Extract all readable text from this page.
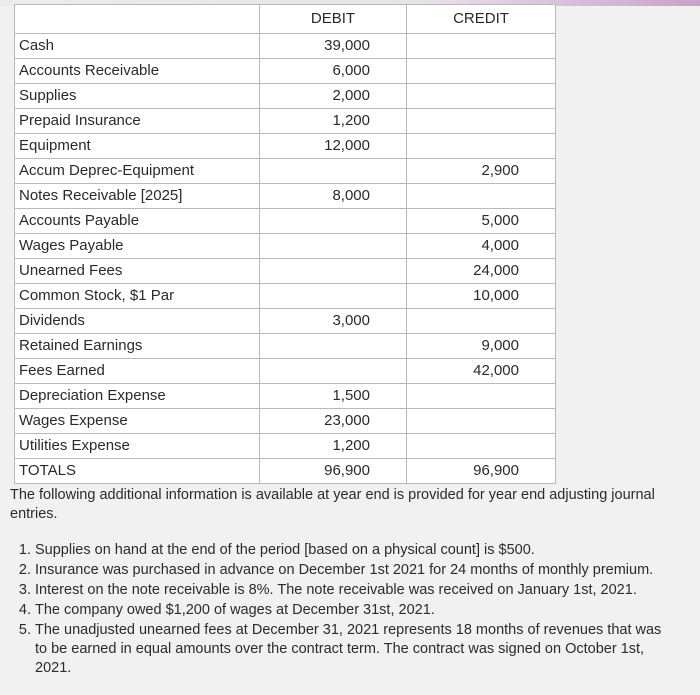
	DEBIT	CREDIT
Cash	39,000	
Accounts Receivable	6,000	
Supplies	2,000	
Prepaid Insurance	1,200	
Equipment	12,000	
Accum Deprec-Equipment		2,900
Notes Receivable [2025]	8,000	
Accounts Payable		5,000
Wages Payable		4,000
Unearned Fees		24,000
Common Stock, $1 Par		10,000
Dividends	3,000	
Retained Earnings		9,000
Fees Earned		42,000
Depreciation Expense	1,500	
Wages Expense	23,000	
Utilities Expense	1,200	
TOTALS	96,900	96,900

The following additional information is available at year end is provided for year end adjusting journal entries.

1. Supplies on hand at the end of the period [based on a physical count] is $500.
2. Insurance was purchased in advance on December 1st 2021 for 24 months of monthly premium.
3. Interest on the note receivable is 8%. The note receivable was received on January 1st, 2021.
4. The company owed $1,200 of wages at December 31st, 2021.
5. The unadjusted unearned fees at December 31, 2021 represents 18 months of revenues that was to be earned in equal amounts over the contract term. The contract was signed on October 1st, 2021.
